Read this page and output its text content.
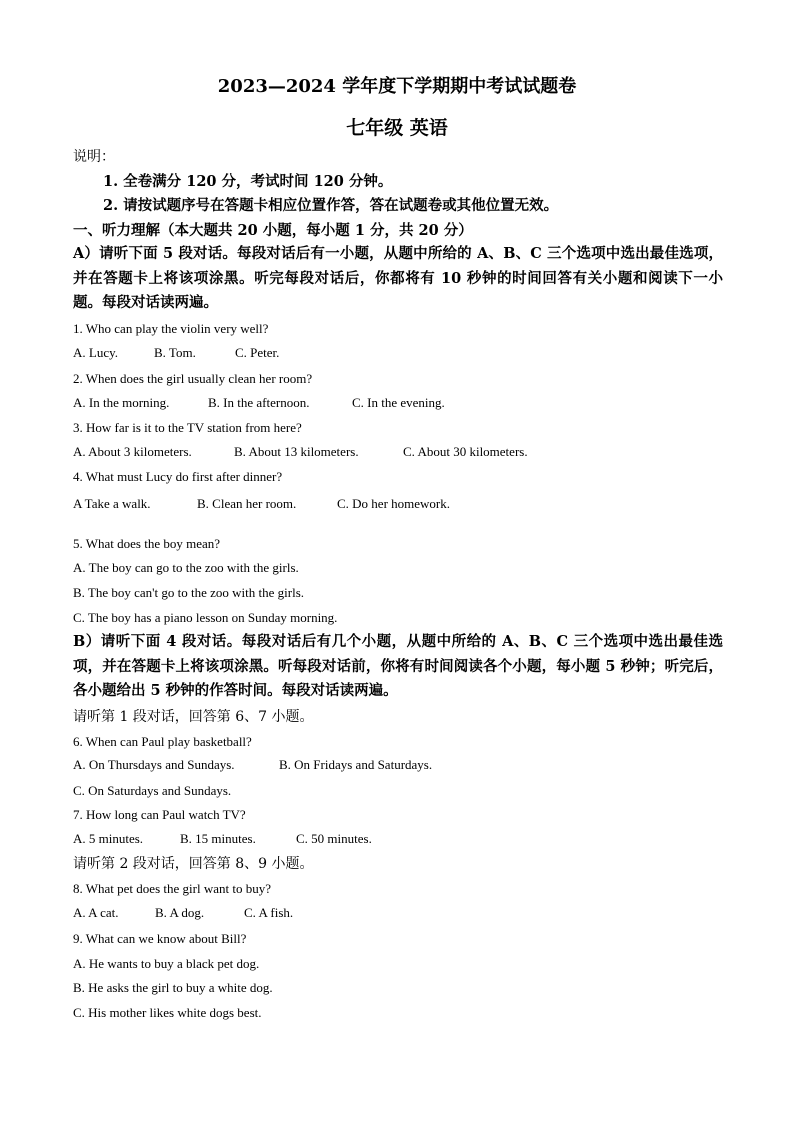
2023—2024 学年度下学期期中考试试题卷
七年级 英语
说明：
1. 全卷满分 120 分，考试时间 120 分钟。
2. 请按试题序号在答题卡相应位置作答，答在试题卷或其他位置无效。
一、听力理解（本大题共 20 小题，每小题 1 分，共 20 分）
A）请听下面 5 段对话。每段对话后有一小题，从题中所给的 A、B、C 三个选项中选出最佳选项，并在答题卡上将该项涂黑。听完每段对话后，你都将有 10 秒钟的时间回答有关小题和阅读下一小题。每段对话读两遍。
1. Who can play the violin very well?
A. Lucy.	B. Tom.	C. Peter.
2. When does the girl usually clean her room?
A. In the morning.	B. In the afternoon.	C. In the evening.
3. How far is it to the TV station from here?
A. About 3 kilometers.	B. About 13 kilometers.	C. About 30 kilometers.
4. What must Lucy do first after dinner?
A Take a walk.	B. Clean her room.	C. Do her homework.
5. What does the boy mean?
A. The boy can go to the zoo with the girls.
B. The boy can't go to the zoo with the girls.
C. The boy has a piano lesson on Sunday morning.
B）请听下面 4 段对话。每段对话后有几个小题，从题中所给的 A、B、C 三个选项中选出最佳选项，并在答题卡上将该项涂黑。听每段对话前，你将有时间阅读各个小题，每小题 5 秒钟；听完后，各小题给出 5 秒钟的作答时间。每段对话读两遍。
请听第 1 段对话，回答第 6、7 小题。
6. When can Paul play basketball?
A. On Thursdays and Sundays.	B. On Fridays and Saturdays.
C. On Saturdays and Sundays.
7. How long can Paul watch TV?
A. 5 minutes.	B. 15 minutes.	C. 50 minutes.
请听第 2 段对话，回答第 8、9 小题。
8. What pet does the girl want to buy?
A. A cat.	B. A dog.	C. A fish.
9. What can we know about Bill?
A. He wants to buy a black pet dog.
B. He asks the girl to buy a white dog.
C. His mother likes white dogs best.
